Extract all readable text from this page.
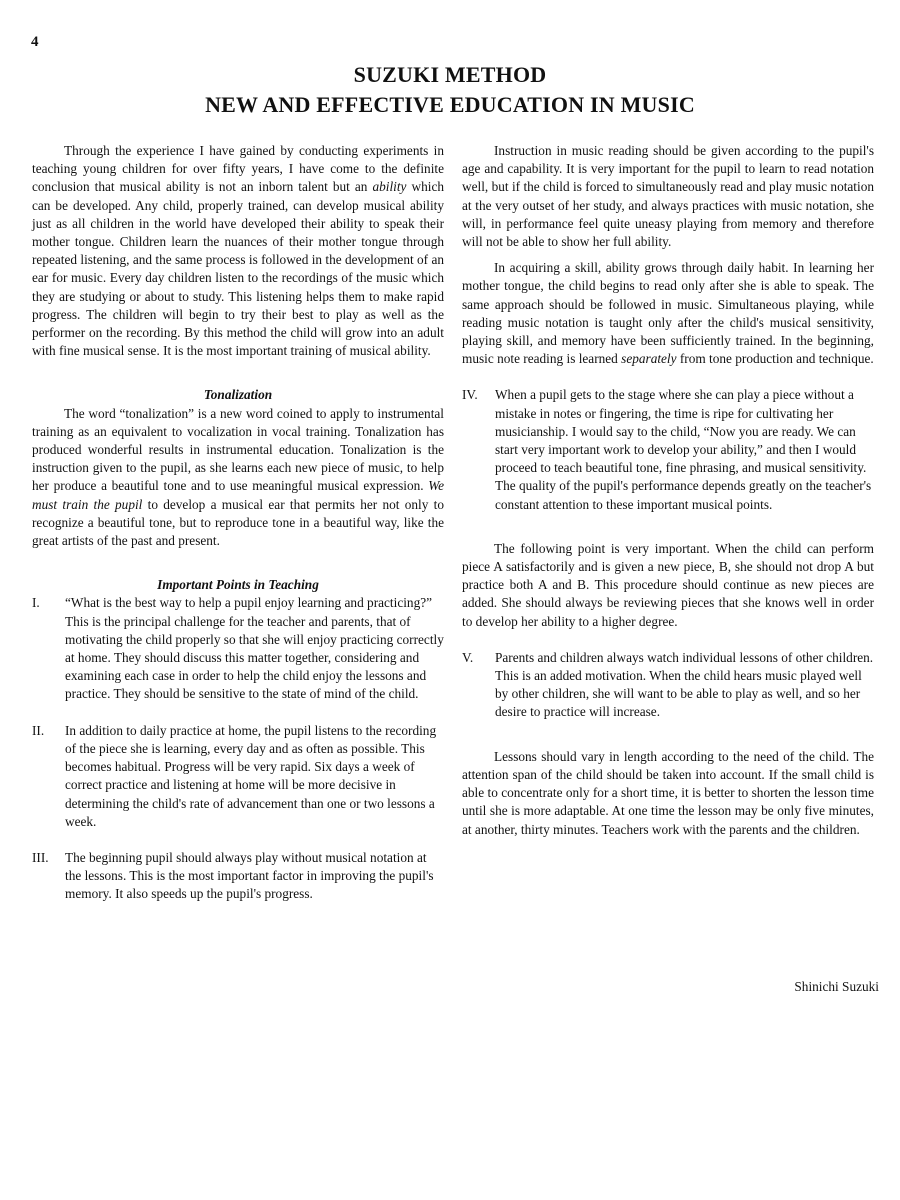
4
SUZUKI METHOD
NEW AND EFFECTIVE EDUCATION IN MUSIC

Through the experience I have gained by conducting experiments in teaching young children for over fifty years, I have come to the definite conclusion that musical ability is not an inborn talent but an ability which can be developed. Any child, properly trained, can develop musical ability just as all children in the world have developed their ability to speak their mother tongue. Children learn the nuances of their mother tongue through repeated listening, and the same process is followed in the development of an ear for music. Every day children listen to the recordings of the music which they are studying or about to study. This listening helps them to make rapid progress. The children will begin to try their best to play as well as the performer on the recording. By this method the child will grow into an adult with fine musical sense. It is the most important training of musical ability.

Tonalization

The word “tonalization” is a new word coined to apply to instrumental training as an equivalent to vocalization in vocal training. Tonalization has produced wonderful results in instrumental education. Tonalization is the instruction given to the pupil, as she learns each new piece of music, to help her produce a beautiful tone and to use meaningful musical expression. We must train the pupil to develop a musical ear that permits her not only to recognize a beautiful tone, but to reproduce tone in a beautiful way, like the great artists of the past and present.

Important Points in Teaching
I. “What is the best way to help a pupil enjoy learning and practicing?” This is the principal challenge for the teacher and parents, that of motivating the child properly so that she will enjoy practicing correctly at home. They should discuss this matter together, considering and examining each case in order to help the child enjoy the lessons and practice. They should be sensitive to the state of mind of the child.
II. In addition to daily practice at home, the pupil listens to the recording of the piece she is learning, every day and as often as possible. This becomes habitual. Progress will be very rapid. Six days a week of correct practice and listening at home will be more decisive in determining the child's rate of advancement than one or two lessons a week.
III. The beginning pupil should always play without musical notation at the lessons. This is the most important factor in improving the pupil's memory. It also speeds up the pupil's progress.

Instruction in music reading should be given according to the pupil's age and capability. It is very important for the pupil to learn to read notation well, but if the child is forced to simultaneously read and play music notation at the very outset of her study, and always practices with music notation, she will, in performance feel quite uneasy playing from memory and therefore will not be able to show her full ability.

In acquiring a skill, ability grows through daily habit. In learning her mother tongue, the child begins to read only after she is able to speak. The same approach should be followed in music. Simultaneous playing, while reading music notation is taught only after the child's musical sensitivity, playing skill, and memory have been sufficiently trained. In the beginning, music note reading is learned separately from tone production and technique.

IV. When a pupil gets to the stage where she can play a piece without a mistake in notes or fingering, the time is ripe for cultivating her musicianship. I would say to the child, “Now you are ready. We can start very important work to develop your ability,” and then I would proceed to teach beautiful tone, fine phrasing, and musical sensitivity.
The quality of the pupil's performance depends greatly on the teacher's constant attention to these important musical points.

The following point is very important. When the child can perform piece A satisfactorily and is given a new piece, B, she should not drop A but practice both A and B. This procedure should continue as new pieces are added. She should always be reviewing pieces that she knows well in order to develop her ability to a higher degree.

V. Parents and children always watch individual lessons of other children. This is an added motivation. When the child hears music played well by other children, she will want to be able to play as well, and so her desire to practice will increase.

Lessons should vary in length according to the need of the child. The attention span of the child should be taken into account. If the small child is able to concentrate only for a short time, it is better to shorten the lesson time until she is more adaptable. At one time the lesson may be only five minutes, at another, thirty minutes. Teachers work with the parents and the children.

Shinichi Suzuki
